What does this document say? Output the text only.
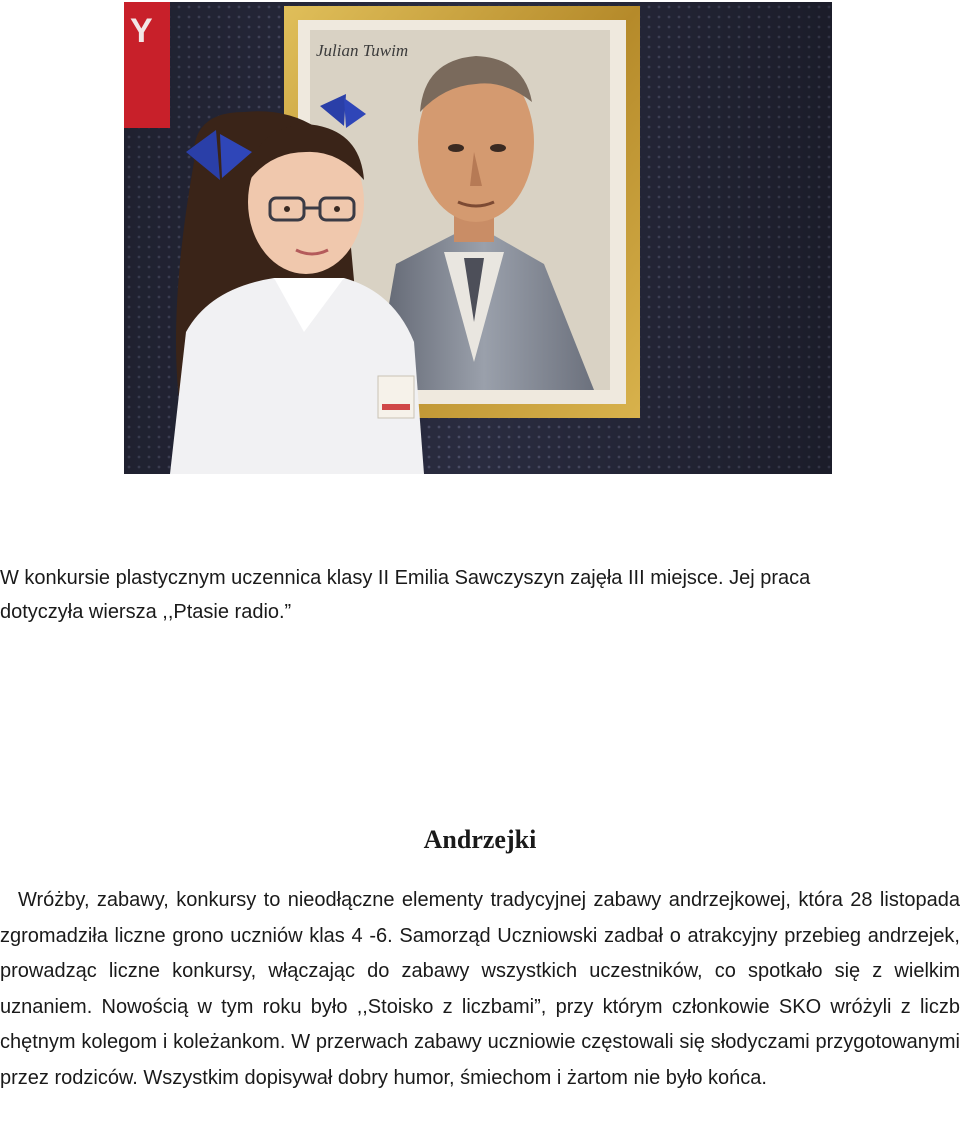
Y
Julian Tuwim
W konkursie plastycznym uczennica klasy II Emilia Sawczyszyn zajęła III miejsce. Jej praca
dotyczyła wiersza ,,Ptasie radio.”
Andrzejki

Wróżby, zabawy, konkursy to nieodłączne elementy tradycyjnej zabawy andrzejkowej, która 28 listopada zgromadziła liczne grono uczniów klas 4 -6. Samorząd Uczniowski zadbał o atrakcyjny przebieg andrzejek, prowadząc liczne konkursy, włączając do zabawy wszystkich uczestników, co spotkało się z wielkim uznaniem. Nowością w tym roku było ,,Stoisko z liczbami”, przy którym członkowie SKO wróżyli z liczb chętnym kolegom i koleżankom. W przerwach zabawy uczniowie częstowali się słodyczami przygotowanymi przez rodziców. Wszystkim dopisywał dobry humor, śmiechom i żartom nie było końca.
